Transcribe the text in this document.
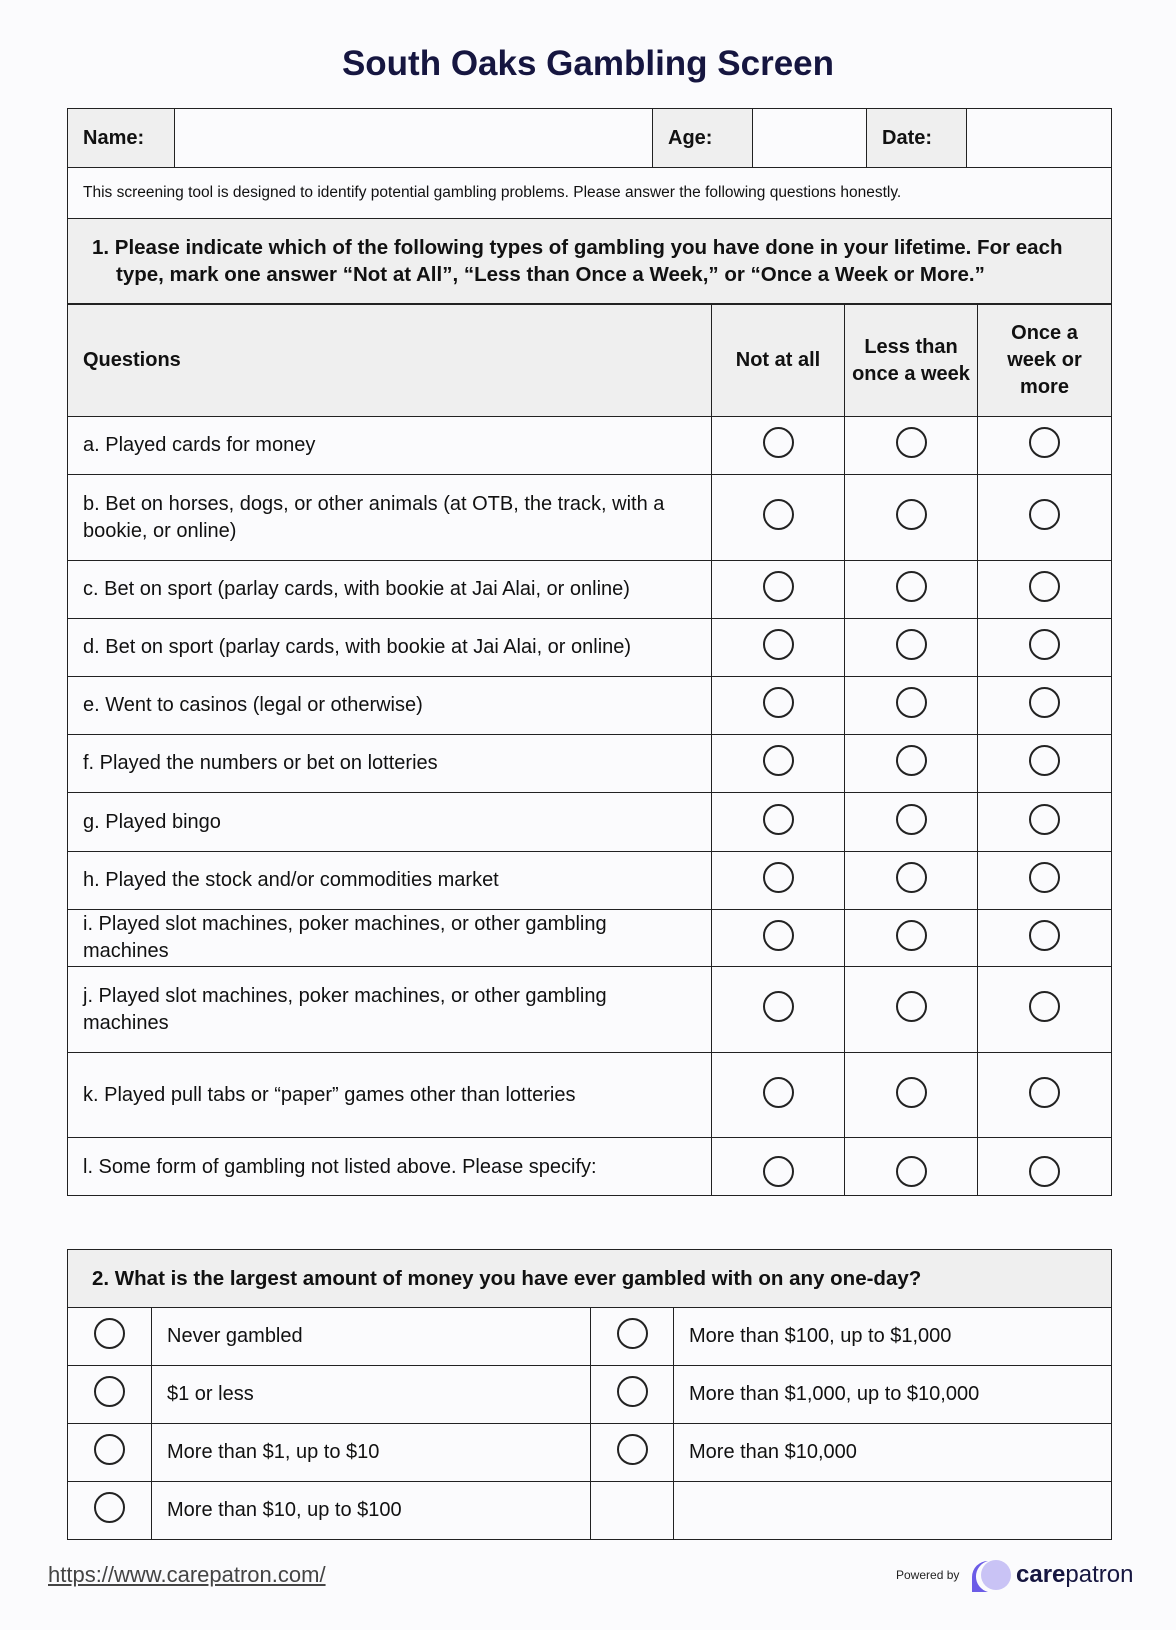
South Oaks Gambling Screen
Name:		Age:		Date:	
This screening tool is designed to identify potential gambling problems. Please answer the following questions honestly.
1. Please indicate which of the following types of gambling you have done in your lifetime. For each type, mark one answer “Not at All”, “Less than Once a Week,” or “Once a Week or More.”
Questions	Not at all	Less than once a week	Once a week or more
a. Played cards for money			
b. Bet on horses, dogs, or other animals (at OTB, the track, with a bookie, or online)			
c. Bet on sport (parlay cards, with bookie at Jai Alai, or online)			
d. Bet on sport (parlay cards, with bookie at Jai Alai, or online)			
e. Went to casinos (legal or otherwise)			
f. Played the numbers or bet on lotteries			
g. Played bingo			
h. Played the stock and/or commodities market			
i. Played slot machines, poker machines, or other gambling machines			
j. Played slot machines, poker machines, or other gambling machines			
k. Played pull tabs or “paper” games other than lotteries			
l. Some form of gambling not listed above. Please specify:			
2. What is the largest amount of money you have ever gambled with on any one-day?			
	Never gambled		More than $100, up to $1,000
	$1 or less		More than $1,000, up to $10,000
	More than $1, up to $10		More than $10,000
	More than $10, up to $100		
https://www.carepatron.com/	Powered by carepatron
